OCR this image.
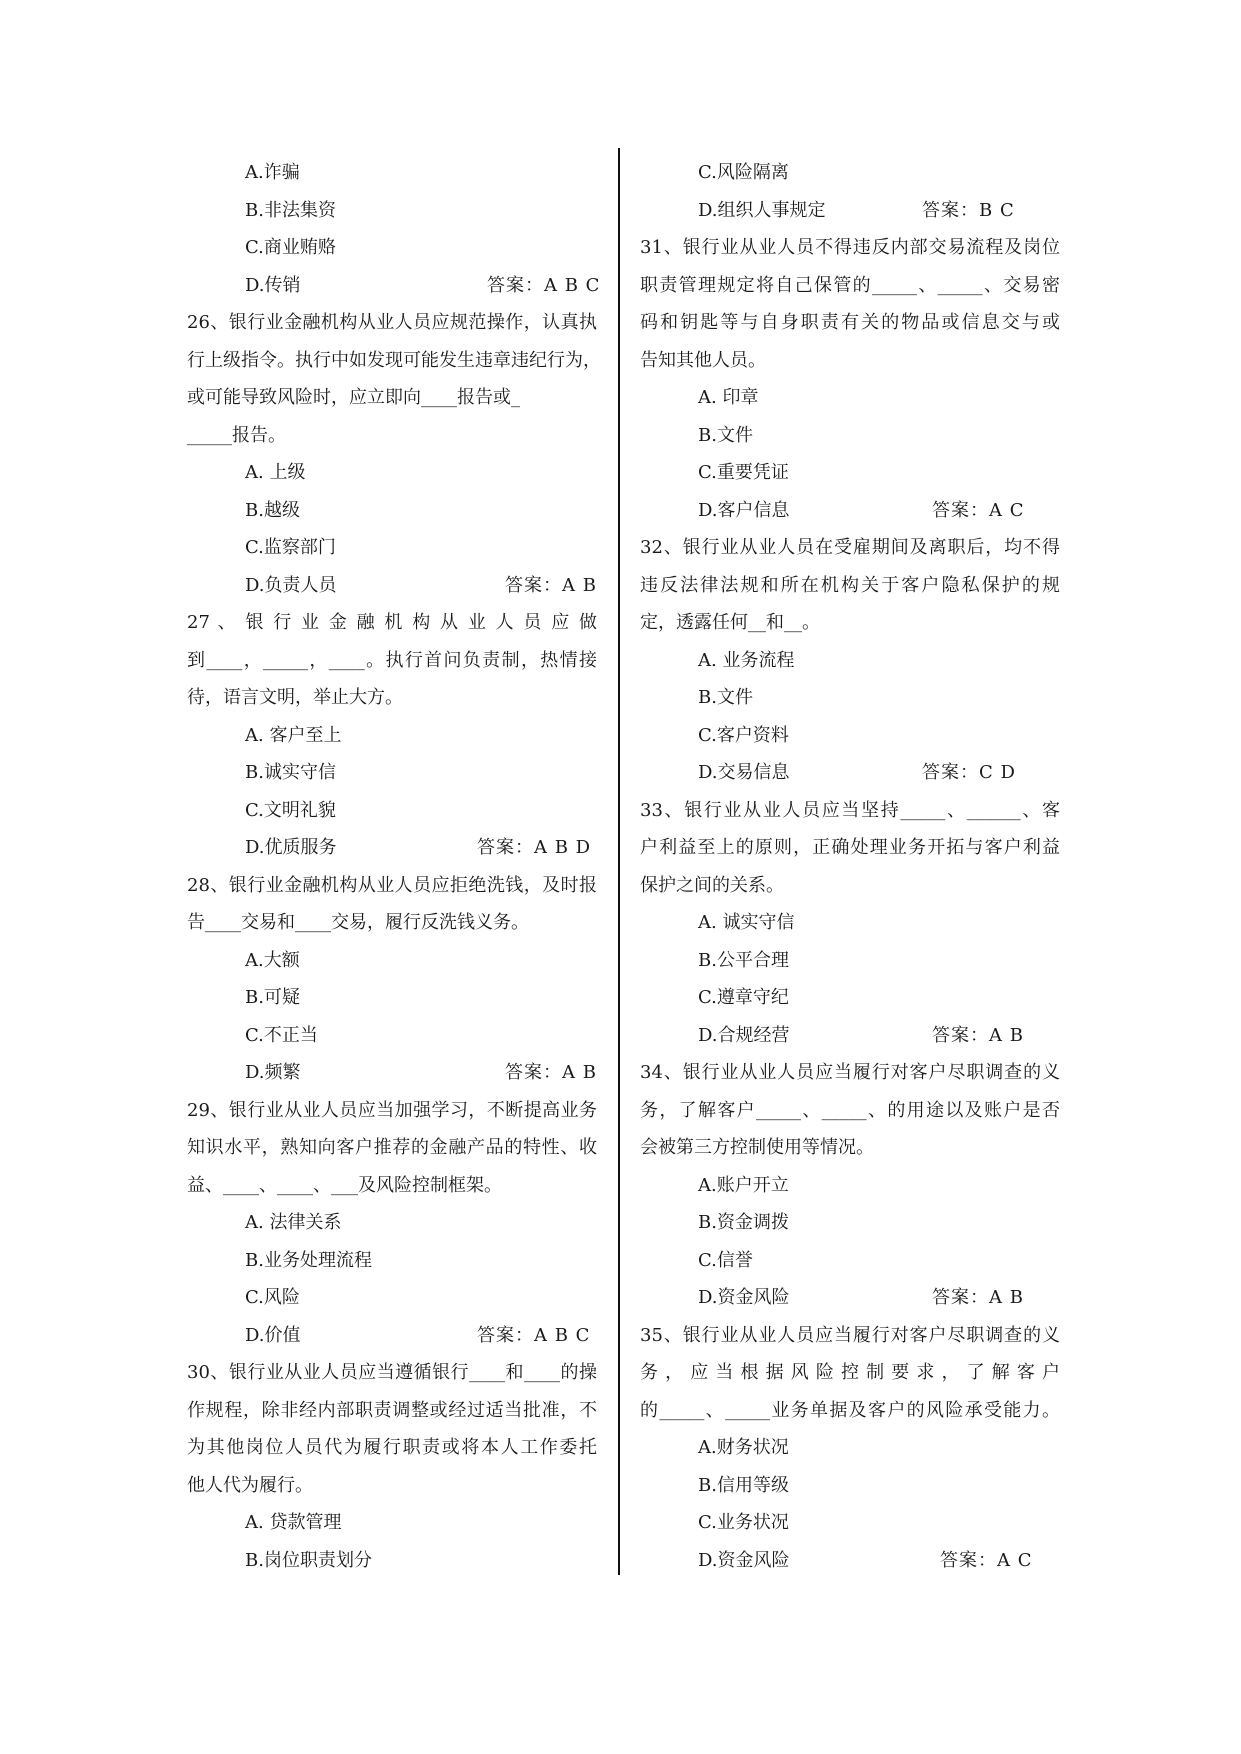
A.诈骗
B.非法集资
C.商业贿赂
D.传销	答案：A B C
26、银行业金融机构从业人员应规范操作，认真执
行上级指令。执行中如发现可能发生违章违纪行为，
或可能导致风险时，应立即向____报告或_
_____报告。
A. 上级
B.越级
C.监察部门
D.负责人员	答案：A B
27 、 银 行 业 金 融 机 构 从 业 人 员 应 做
到____，_____，____。执行首问负责制，热情接
待，语言文明，举止大方。
A. 客户至上
B.诚实守信
C.文明礼貌
D.优质服务	答案：A B D
28、银行业金融机构从业人员应拒绝洗钱，及时报
告____交易和____交易，履行反洗钱义务。
A.大额
B.可疑
C.不正当
D.频繁	答案：A B
29、银行业从业人员应当加强学习，不断提高业务
知识水平，熟知向客户推荐的金融产品的特性、收
益、____、____、___及风险控制框架。
A. 法律关系
B.业务处理流程
C.风险
D.价值	答案：A B C
30、银行业从业人员应当遵循银行____和____的操
作规程，除非经内部职责调整或经过适当批准，不
为其他岗位人员代为履行职责或将本人工作委托
他人代为履行。
A. 贷款管理
B.岗位职责划分
C.风险隔离
D.组织人事规定	答案：B C
31、银行业从业人员不得违反内部交易流程及岗位
职责管理规定将自己保管的_____、_____、交易密
码和钥匙等与自身职责有关的物品或信息交与或
告知其他人员。
A. 印章
B.文件
C.重要凭证
D.客户信息	答案：A C
32、银行业从业人员在受雇期间及离职后，均不得
违反法律法规和所在机构关于客户隐私保护的规
定，透露任何__和__。
A. 业务流程
B.文件
C.客户资料
D.交易信息	答案：C D
33、银行业从业人员应当坚持_____、______、客
户利益至上的原则，正确处理业务开拓与客户利益
保护之间的关系。
A. 诚实守信
B.公平合理
C.遵章守纪
D.合规经营	答案：A B
34、银行业从业人员应当履行对客户尽职调查的义
务，了解客户_____、_____、的用途以及账户是否
会被第三方控制使用等情况。
A.账户开立
B.资金调拨
C.信誉
D.资金风险	答案：A B
35、银行业从业人员应当履行对客户尽职调查的义
务 ， 应 当 根 据 风 险 控 制 要 求 ， 了 解 客 户
的_____、_____业务单据及客户的风险承受能力。
A.财务状况
B.信用等级
C.业务状况
D.资金风险	答案：A C
